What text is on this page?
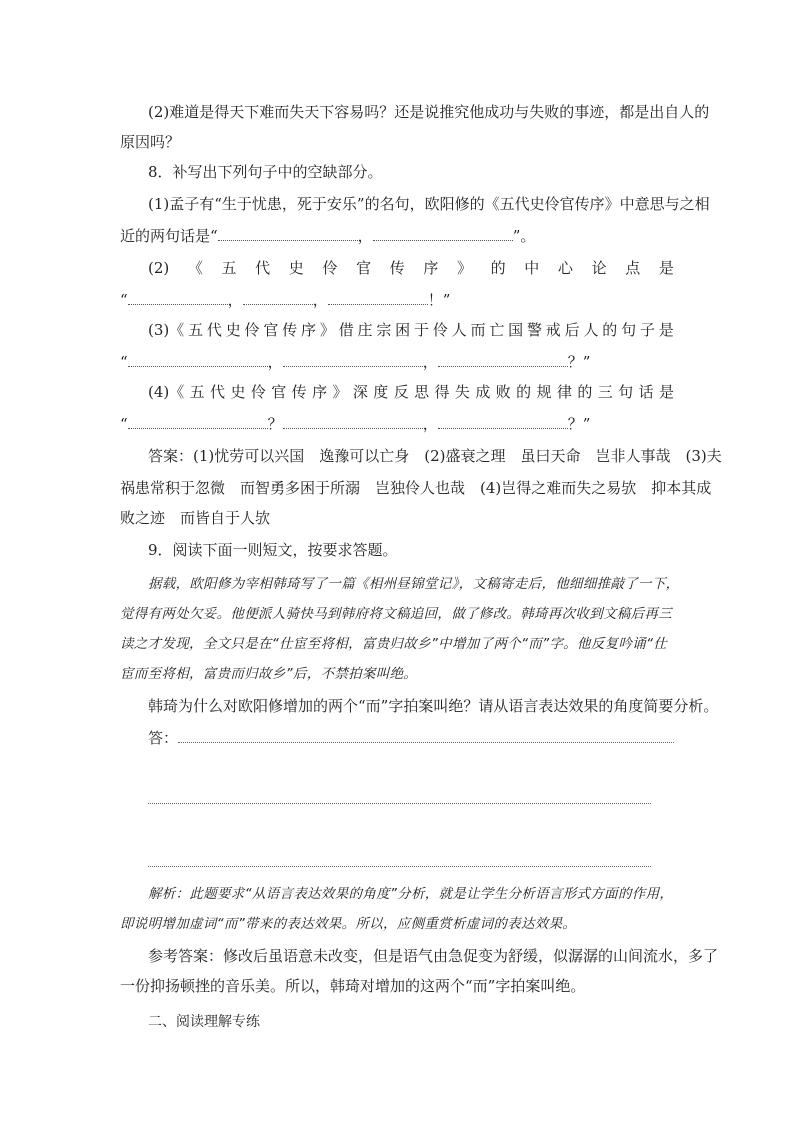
(2)难道是得天下难而失天下容易吗？还是说推究他成功与失败的事迹，都是出自人的
原因吗？
8．补写出下列句子中的空缺部分。
(1)孟子有“生于忧患，死于安乐”的名句，欧阳修的《五代史伶官传序》中意思与之相
近的两句话是“	，	”。
(2) 《 五 代 史 伶 官 传 序 》 的 中 心 论 点 是
“	，	，	！”
(3)《 五 代 史 伶 官 传 序 》 借 庄 宗 困 于 伶 人 而 亡 国 警 戒 后 人 的 句 子 是
“	，	，	？”
(4)《 五 代 史 伶 官 传 序 》 深 度 反 思 得 失 成 败 的 规 律 的 三 句 话 是
“	？	，	？”
答案：(1)忧劳可以兴国　逸豫可以亡身　(2)盛衰之理　虽曰天命　岂非人事哉　(3)夫
祸患常积于忽微　而智勇多困于所溺　岂独伶人也哉　(4)岂得之难而失之易欤　抑本其成
败之迹　而皆自于人欤
9．阅读下面一则短文，按要求答题。
据载，欧阳修为宰相韩琦写了一篇《相州昼锦堂记》，文稿寄走后，他细细推敲了一下，
觉得有两处欠妥。他便派人骑快马到韩府将文稿追回，做了修改。韩琦再次收到文稿后再三
读之才发现，全文只是在“仕宦至将相，富贵归故乡”中增加了两个“而”字。他反复吟诵“仕
宦而至将相，富贵而归故乡”后，不禁拍案叫绝。
韩琦为什么对欧阳修增加的两个“而”字拍案叫绝？请从语言表达效果的角度简要分析。
答：
解析：此题要求“从语言表达效果的角度”分析，就是让学生分析语言形式方面的作用，
即说明增加虚词“而”带来的表达效果。所以，应侧重赏析虚词的表达效果。
参考答案：修改后虽语意未改变，但是语气由急促变为舒缓，似潺潺的山间流水，多了
一份抑扬顿挫的音乐美。所以，韩琦对增加的这两个“而”字拍案叫绝。
二、阅读理解专练
